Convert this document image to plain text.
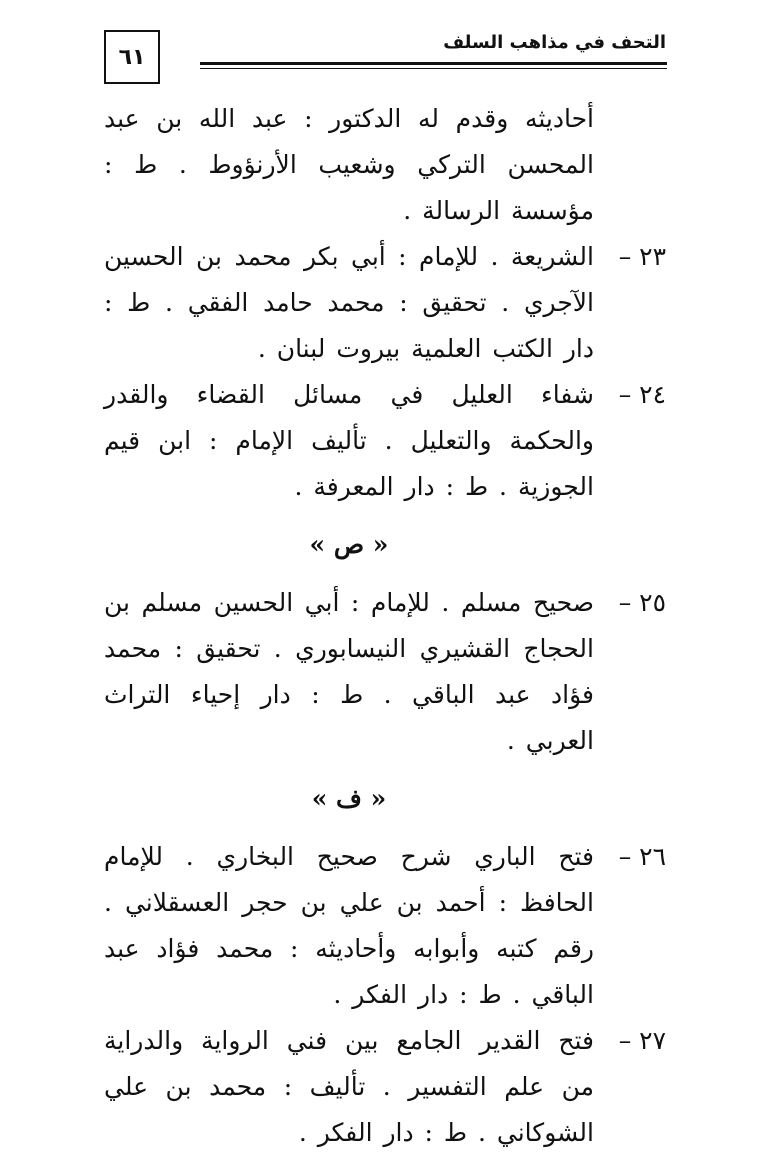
التحف في مذاهب السلف
٦١
أحاديثه وقدم له الدكتور : عبد الله بن عبد المحسن التركي وشعيب الأرنؤوط . ط : مؤسسة الرسالة .
٢٣ –
الشريعة . للإمام : أبي بكر محمد بن الحسين الآجري . تحقيق : محمد حامد الفقي . ط : دار الكتب العلمية بيروت لبنان .
٢٤ –
شفاء العليل في مسائل القضاء والقدر والحكمة والتعليل . تأليف الإمام : ابن قيم الجوزية . ط : دار المعرفة .
« ص »
٢٥ –
صحيح مسلم . للإمام : أبي الحسين مسلم بن الحجاج القشيري النيسابوري . تحقيق : محمد فؤاد عبد الباقي . ط : دار إحياء التراث العربي .
« ف »
٢٦ –
فتح الباري شرح صحيح البخاري . للإمام الحافظ : أحمد بن علي بن حجر العسقلاني . رقم كتبه وأبوابه وأحاديثه : محمد فؤاد عبد الباقي . ط : دار الفكر .
٢٧ –
فتح القدير الجامع بين فني الرواية والدراية من علم التفسير . تأليف : محمد بن علي الشوكاني . ط : دار الفكر .
